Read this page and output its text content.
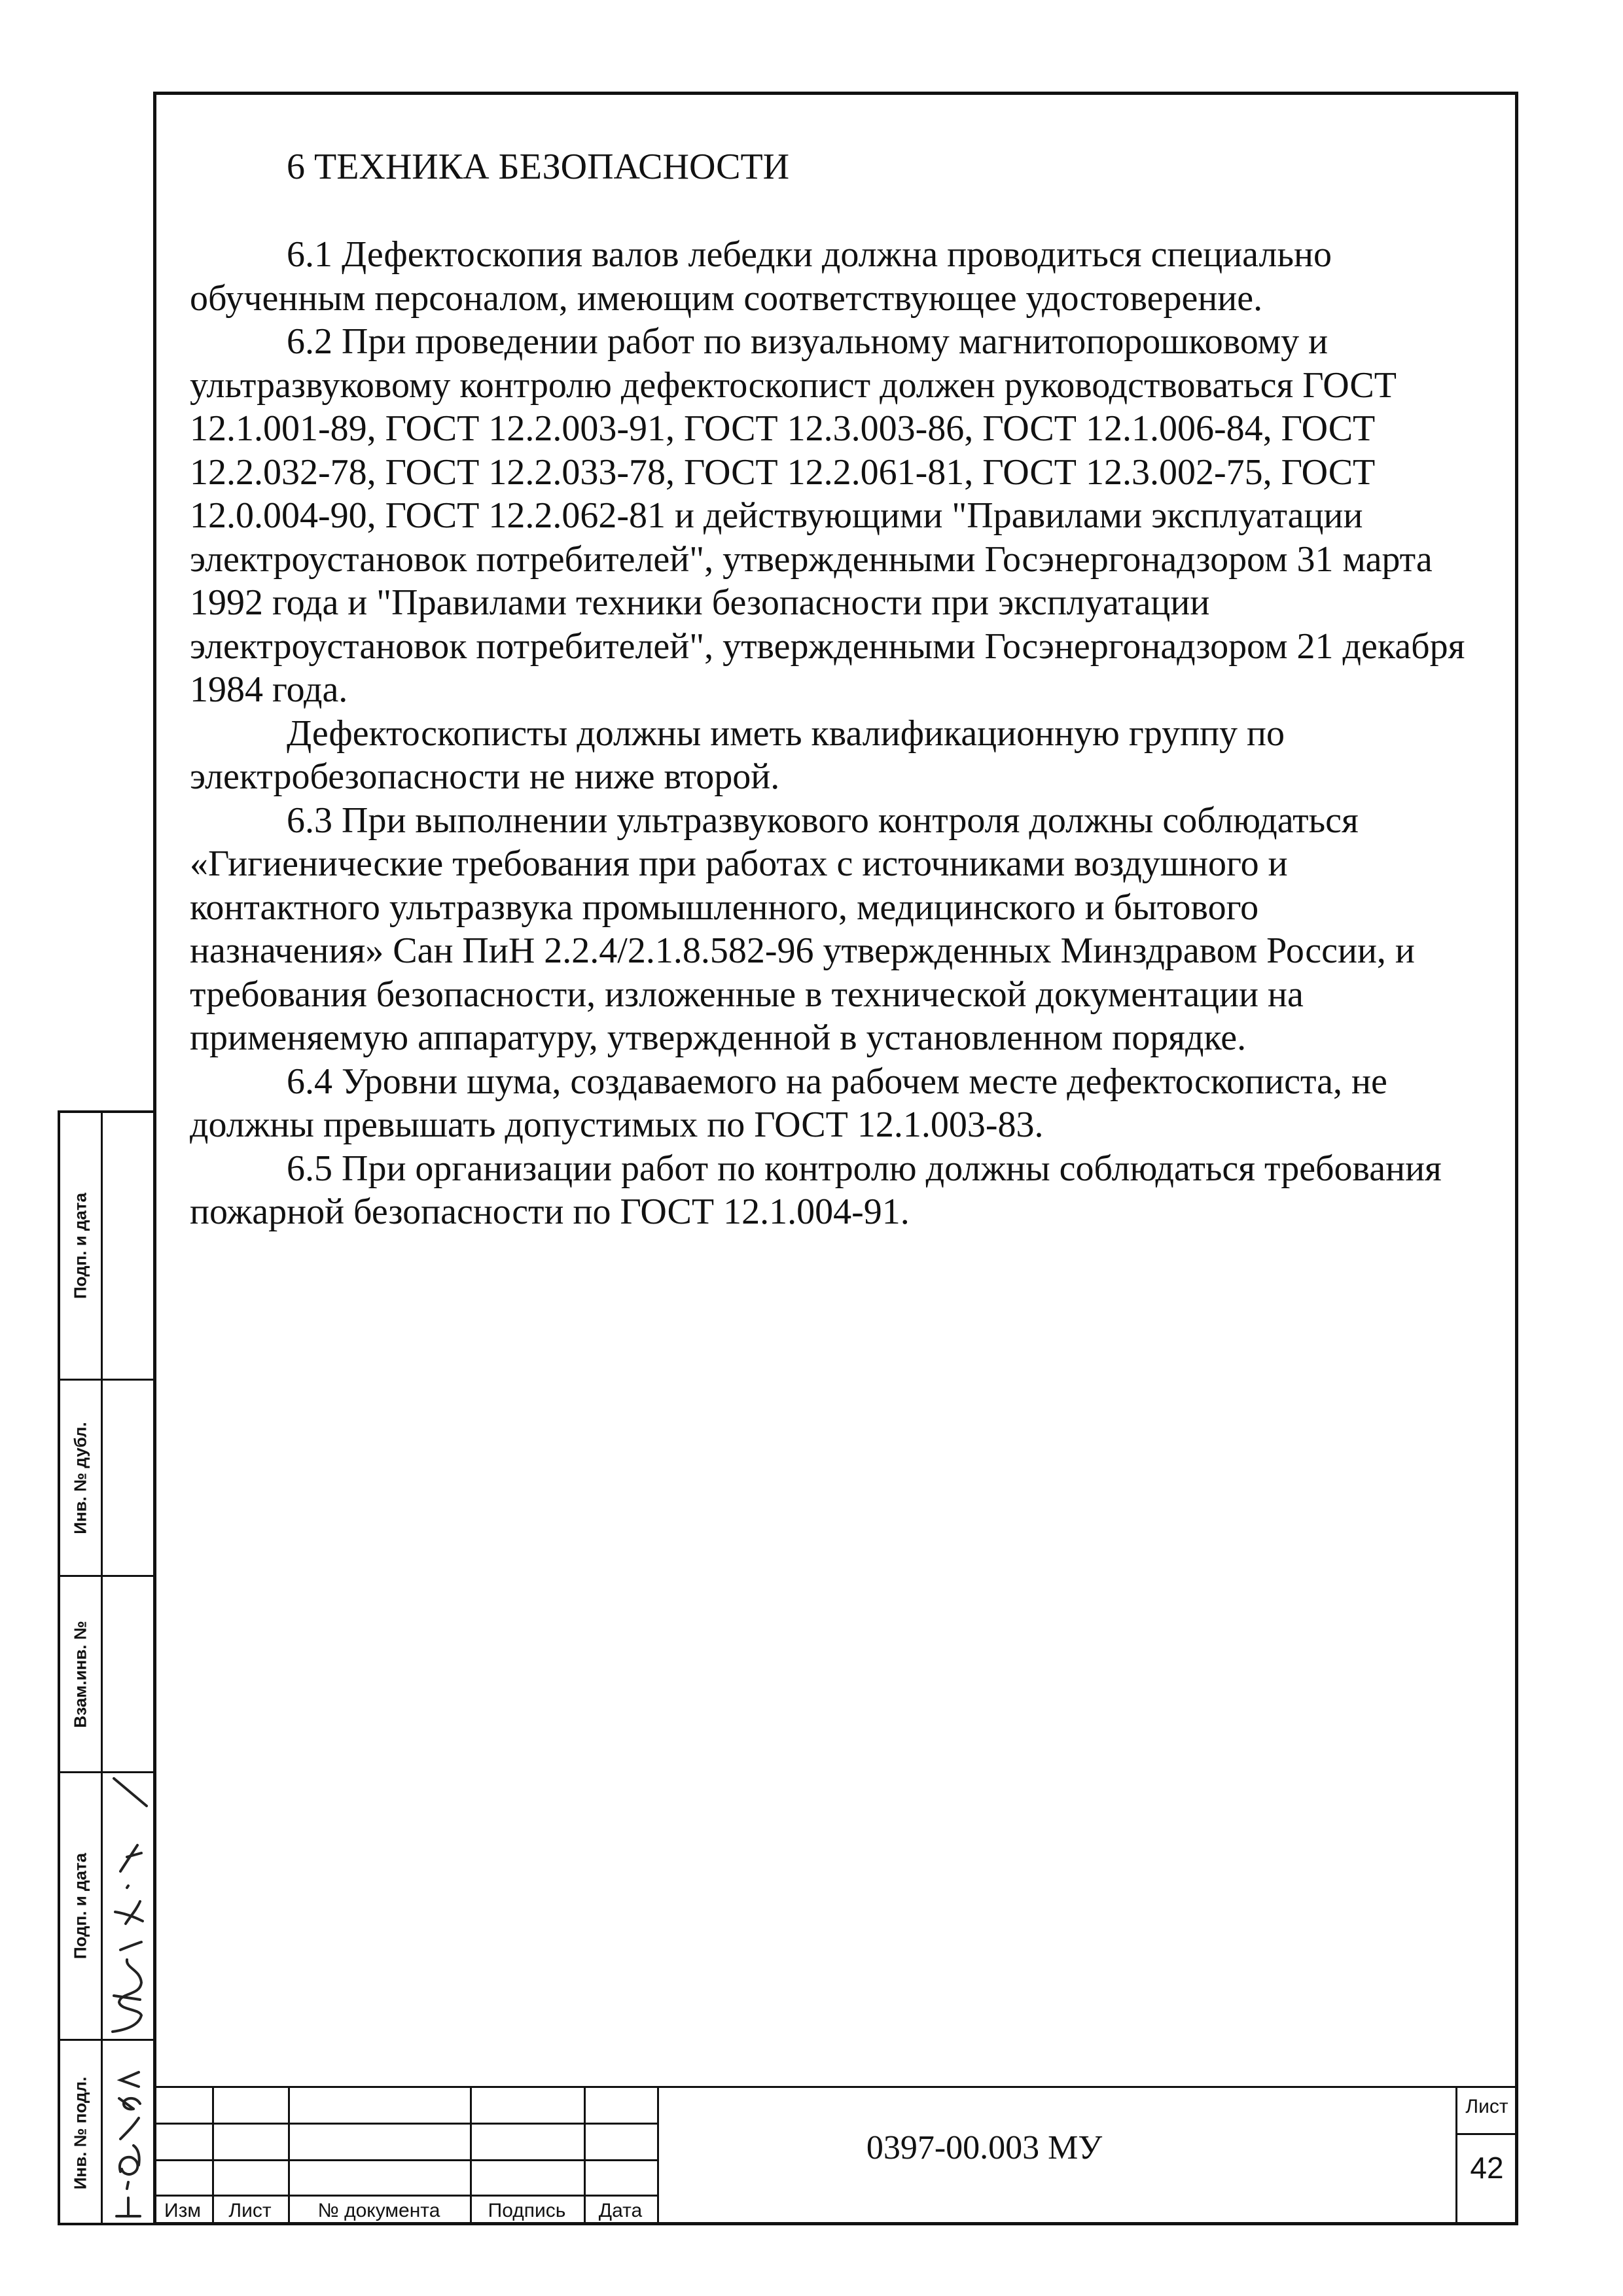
6 ТЕХНИКА БЕЗОПАСНОСТИ
6.1 Дефектоскопия валов лебедки должна проводиться специально
обученным персоналом, имеющим соответствующее удостоверение.
6.2 При проведении работ по визуальному магнитопорошковому и
ультразвуковому контролю дефектоскопист должен руководствоваться ГОСТ
12.1.001-89, ГОСТ 12.2.003-91, ГОСТ 12.3.003-86, ГОСТ 12.1.006-84, ГОСТ
12.2.032-78, ГОСТ 12.2.033-78, ГОСТ 12.2.061-81, ГОСТ 12.3.002-75, ГОСТ
12.0.004-90, ГОСТ 12.2.062-81 и действующими "Правилами эксплуатации
электроустановок потребителей", утвержденными Госэнергонадзором 31 марта
1992 года и "Правилами техники безопасности при эксплуатации
электроустановок потребителей", утвержденными Госэнергонадзором 21 декабря
1984 года.
Дефектоскописты должны иметь квалификационную группу по
электробезопасности не ниже второй.
6.3 При выполнении ультразвукового контроля должны соблюдаться
«Гигиенические требования при работах с источниками воздушного и
контактного ультразвука промышленного, медицинского и бытового
назначения» Сан ПиН 2.2.4/2.1.8.582-96 утвержденных Минздравом России, и
требования безопасности, изложенные в технической документации на
применяемую аппаратуру, утвержденной в установленном порядке.
6.4 Уровни шума, создаваемого на рабочем месте дефектоскописта, не
должны превышать допустимых по ГОСТ 12.1.003-83.
6.5 При организации работ по контролю должны соблюдаться требования
пожарной безопасности по ГОСТ 12.1.004-91.
Подп. и дата
Инв. № дубл.
Взам.инв. №
Подп. и дата
Инв. № подл.
Изм	Лист	№ документа	Подпись	Дата
0397-00.003 МУ
Лист
42
